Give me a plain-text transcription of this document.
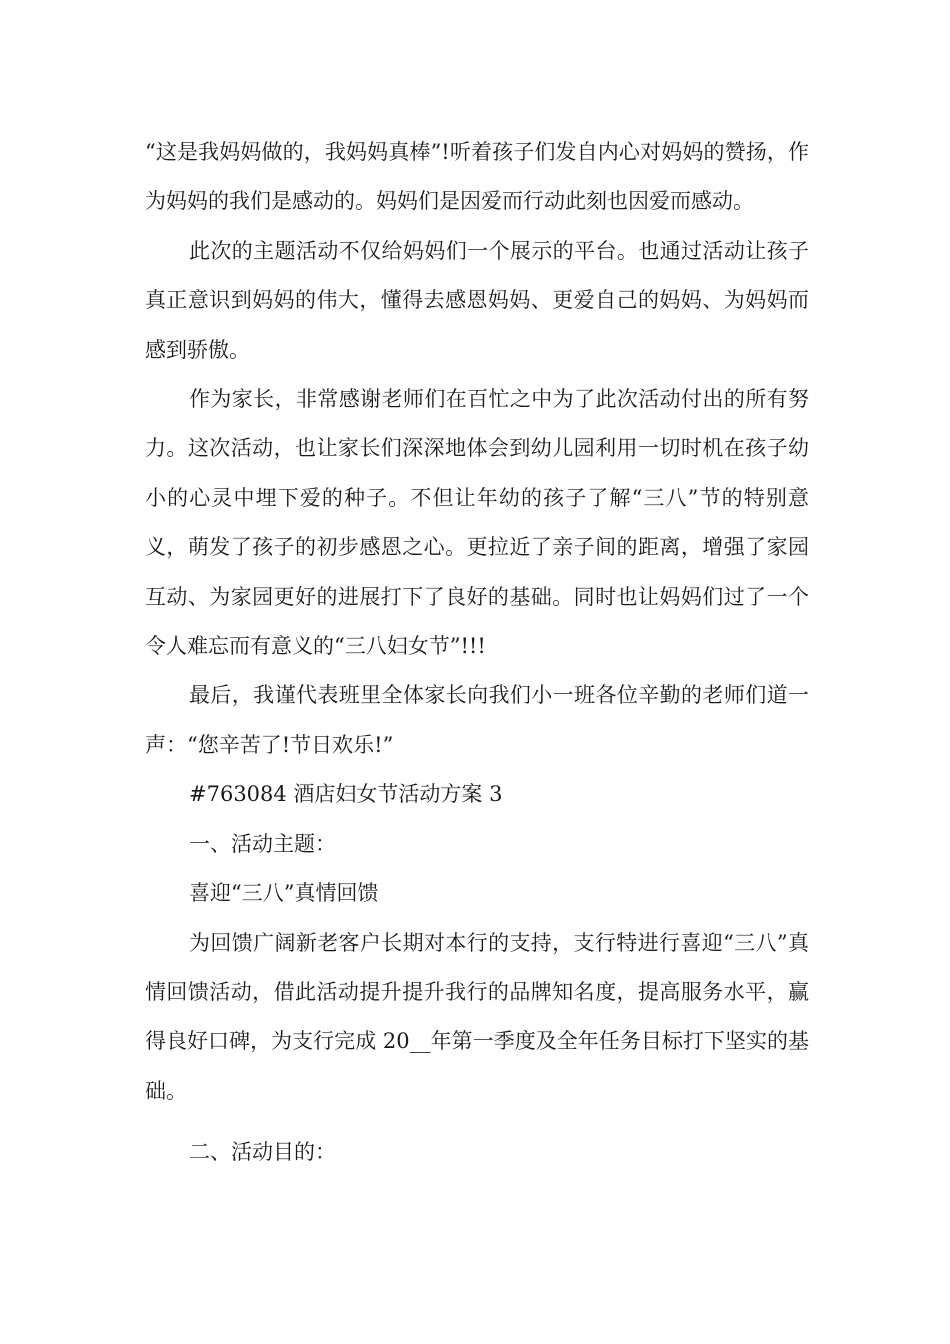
“这是我妈妈做的，我妈妈真棒”!听着孩子们发自内心对妈妈的赞扬，作为妈妈的我们是感动的。妈妈们是因爱而行动此刻也因爱而感动。

此次的主题活动不仅给妈妈们一个展示的平台。也通过活动让孩子真正意识到妈妈的伟大，懂得去感恩妈妈、更爱自己的妈妈、为妈妈而感到骄傲。

作为家长，非常感谢老师们在百忙之中为了此次活动付出的所有努力。这次活动，也让家长们深深地体会到幼儿园利用一切时机在孩子幼小的心灵中埋下爱的种子。不但让年幼的孩子了解“三八”节的特别意义，萌发了孩子的初步感恩之心。更拉近了亲子间的距离，增强了家园互动、为家园更好的进展打下了良好的基础。同时也让妈妈们过了一个令人难忘而有意义的“三八妇女节”!!!

最后，我谨代表班里全体家长向我们小一班各位辛勤的老师们道一声：“您辛苦了!节日欢乐!”

#763084 酒店妇女节活动方案 3

一、活动主题：

喜迎“三八”真情回馈

为回馈广阔新老客户长期对本行的支持，支行特进行喜迎“三八”真情回馈活动，借此活动提升提升我行的品牌知名度，提高服务水平，赢得良好口碑，为支行完成 20__年第一季度及全年任务目标打下坚实的基础。

二、活动目的：
